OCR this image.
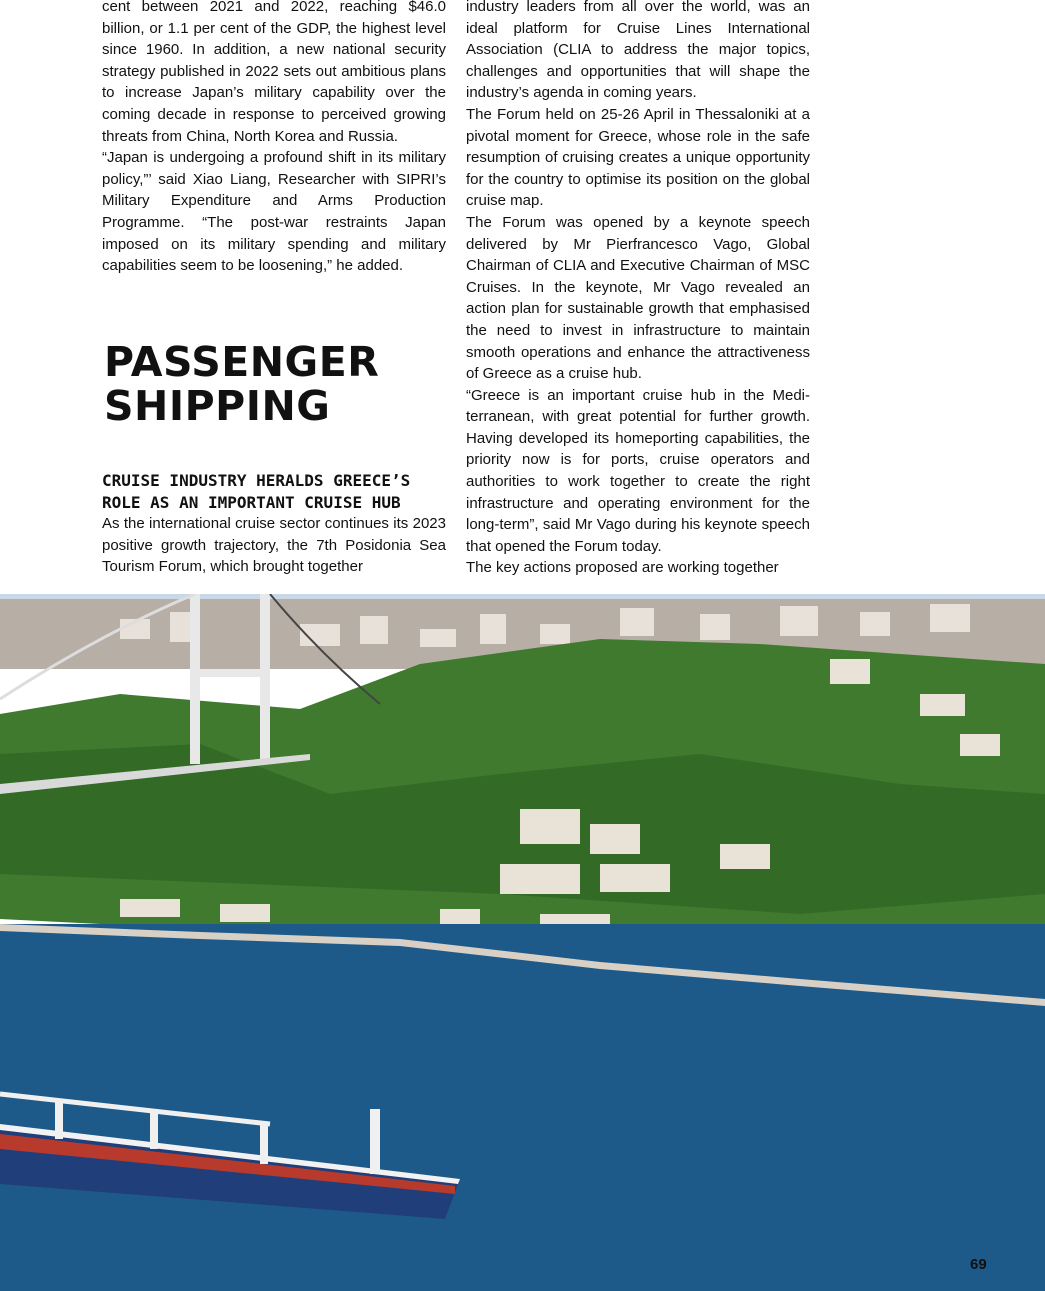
cent between 2021 and 2022, reaching $46.0 billion, or 1.1 per cent of the GDP, the highest level since 1960. In addition, a new national security strategy published in 2022 sets out ambitious plans to increase Japan’s military capability over the coming decade in response to perceived growing threats from China, North Korea and Russia.

“Japan is undergoing a profound shift in its military policy,”’ said Xiao Liang, Researcher with SIPRI’s Military Expenditure and Arms Production Programme. “The post-war restraints Japan imposed on its military spending and military capabilities seem to be loosening,” he added.

PASSENGER
SHIPPING
CRUISE INDUSTRY HERALDS GREECE’S ROLE AS AN IMPORTANT CRUISE HUB

As the international cruise sector continues its 2023 positive growth trajectory, the 7th Posidonia Sea Tourism Forum, which brought together

industry leaders from all over the world, was an ideal platform for Cruise Lines International Association (CLIA to address the major topics, challenges and opportunities that will shape the industry’s agenda in coming years.

The Forum held on 25-26 April in Thessaloniki at a pivotal moment for Greece, whose role in the safe resumption of cruising creates a unique opportunity for the country to optimise its position on the global cruise map.

The Forum was opened by a keynote speech delivered by Mr Pierfrancesco Vago, Global Chairman of CLIA and Executive Chairman of MSC Cruises. In the keynote, Mr Vago revealed an action plan for sustainable growth that emphasised the need to invest in infrastructure to maintain smooth operations and enhance the attractiveness of Greece as a cruise hub.

“Greece is an important cruise hub in the Mediterranean, with great potential for further growth. Having developed its homeporting capabilities, the priority now is for ports, cruise operators and authorities to work together to create the right infrastructure and operating environment for the long-term”, said Mr Vago during his keynote speech that opened the Forum today.

The key actions proposed are working together

69
